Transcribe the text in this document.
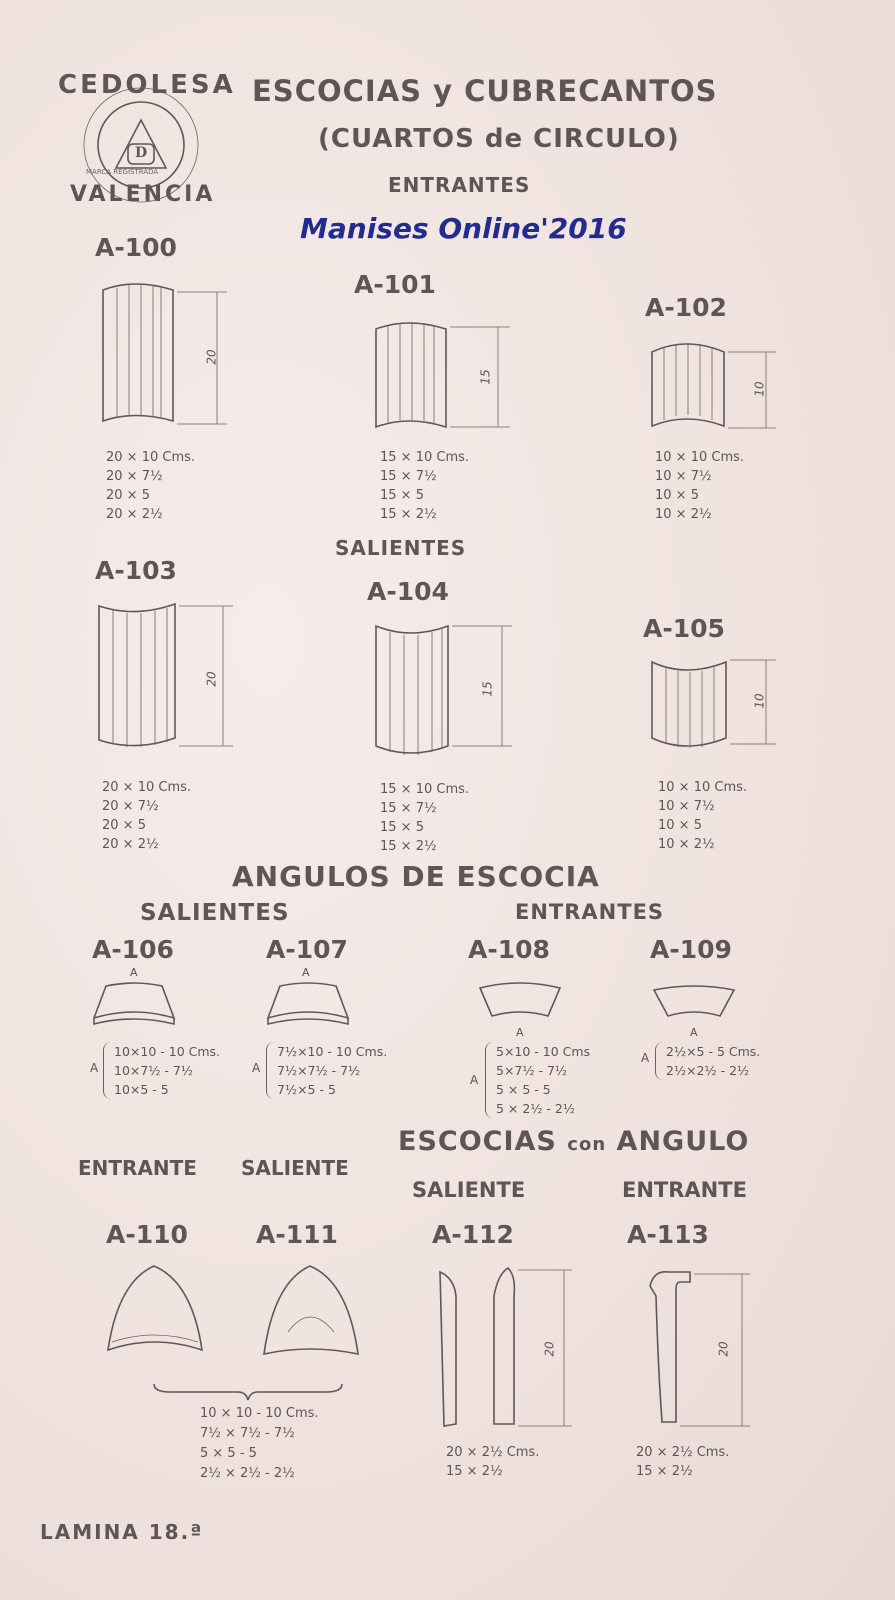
CEDOLESA
D
MARCA REGISTRADA
VALENCIA
ESCOCIAS y CUBRECANTOS
(CUARTOS de CIRCULO)
ENTRANTES
Manises Online'2016
A-100
20
20 × 10 Cms.
20 × 7½
20 × 5
20 × 2½
A-101
15
15 × 10 Cms.
15 × 7½
15 × 5
15 × 2½
A-102
10
10 × 10 Cms.
10 × 7½
10 × 5
10 × 2½
SALIENTES
A-103
20
20 × 10 Cms.
20 × 7½
20 × 5
20 × 2½
A-104
15
15 × 10 Cms.
15 × 7½
15 × 5
15 × 2½
A-105
10
10 × 10 Cms.
10 × 7½
10 × 5
10 × 2½
ANGULOS DE ESCOCIA
SALIENTES	ENTRANTES
A-106
A
A
10×10 - 10 Cms.
10×7½ - 7½
10×5 - 5
A-107
A
A
7½×10 - 10 Cms.
7½×7½ - 7½
7½×5 - 5
A-108
A
A
5×10 - 10 Cms
5×7½ - 7½
5 × 5 - 5
5 × 2½ - 2½
A-109
A
A 2½×5 - 5 Cms.
2½×2½ - 2½
ESCOCIAS con ANGULO
ENTRANTE SALIENTE
SALIENTE	ENTRANTE
A-110	A-111
10 × 10 - 10 Cms.
7½ × 7½ - 7½
5 × 5 - 5
2½ × 2½ - 2½
A-112
20
20 × 2½ Cms.
15 × 2½
A-113
20
20 × 2½ Cms.
15 × 2½
LAMINA 18.ª
